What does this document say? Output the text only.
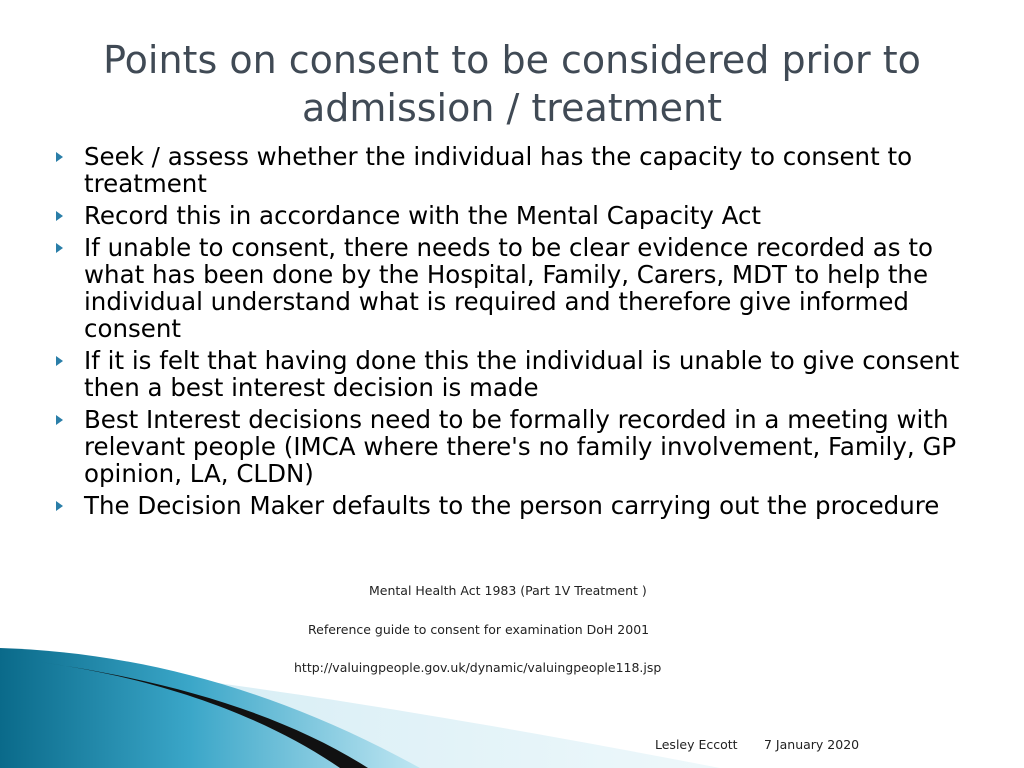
Points on consent to be considered prior to admission / treatment
Seek / assess whether the individual has the capacity to consent to treatment
Record this in accordance with the Mental Capacity Act
If unable to consent, there needs to be clear evidence recorded as to what has been done by the Hospital, Family, Carers, MDT to help the individual understand what is required and therefore give informed consent
If it is felt that having done this the individual is unable to give consent then a best interest decision is made
Best Interest decisions need to be formally recorded in a meeting with relevant people (IMCA where there's no family involvement, Family, GP opinion, LA, CLDN)
The Decision Maker defaults to the person carrying out the procedure
Mental Health Act 1983 (Part 1V Treatment )
Reference guide to consent for examination DoH 2001
http://valuingpeople.gov.uk/dynamic/valuingpeople118.jsp
Lesley Eccott 7 January 2020
